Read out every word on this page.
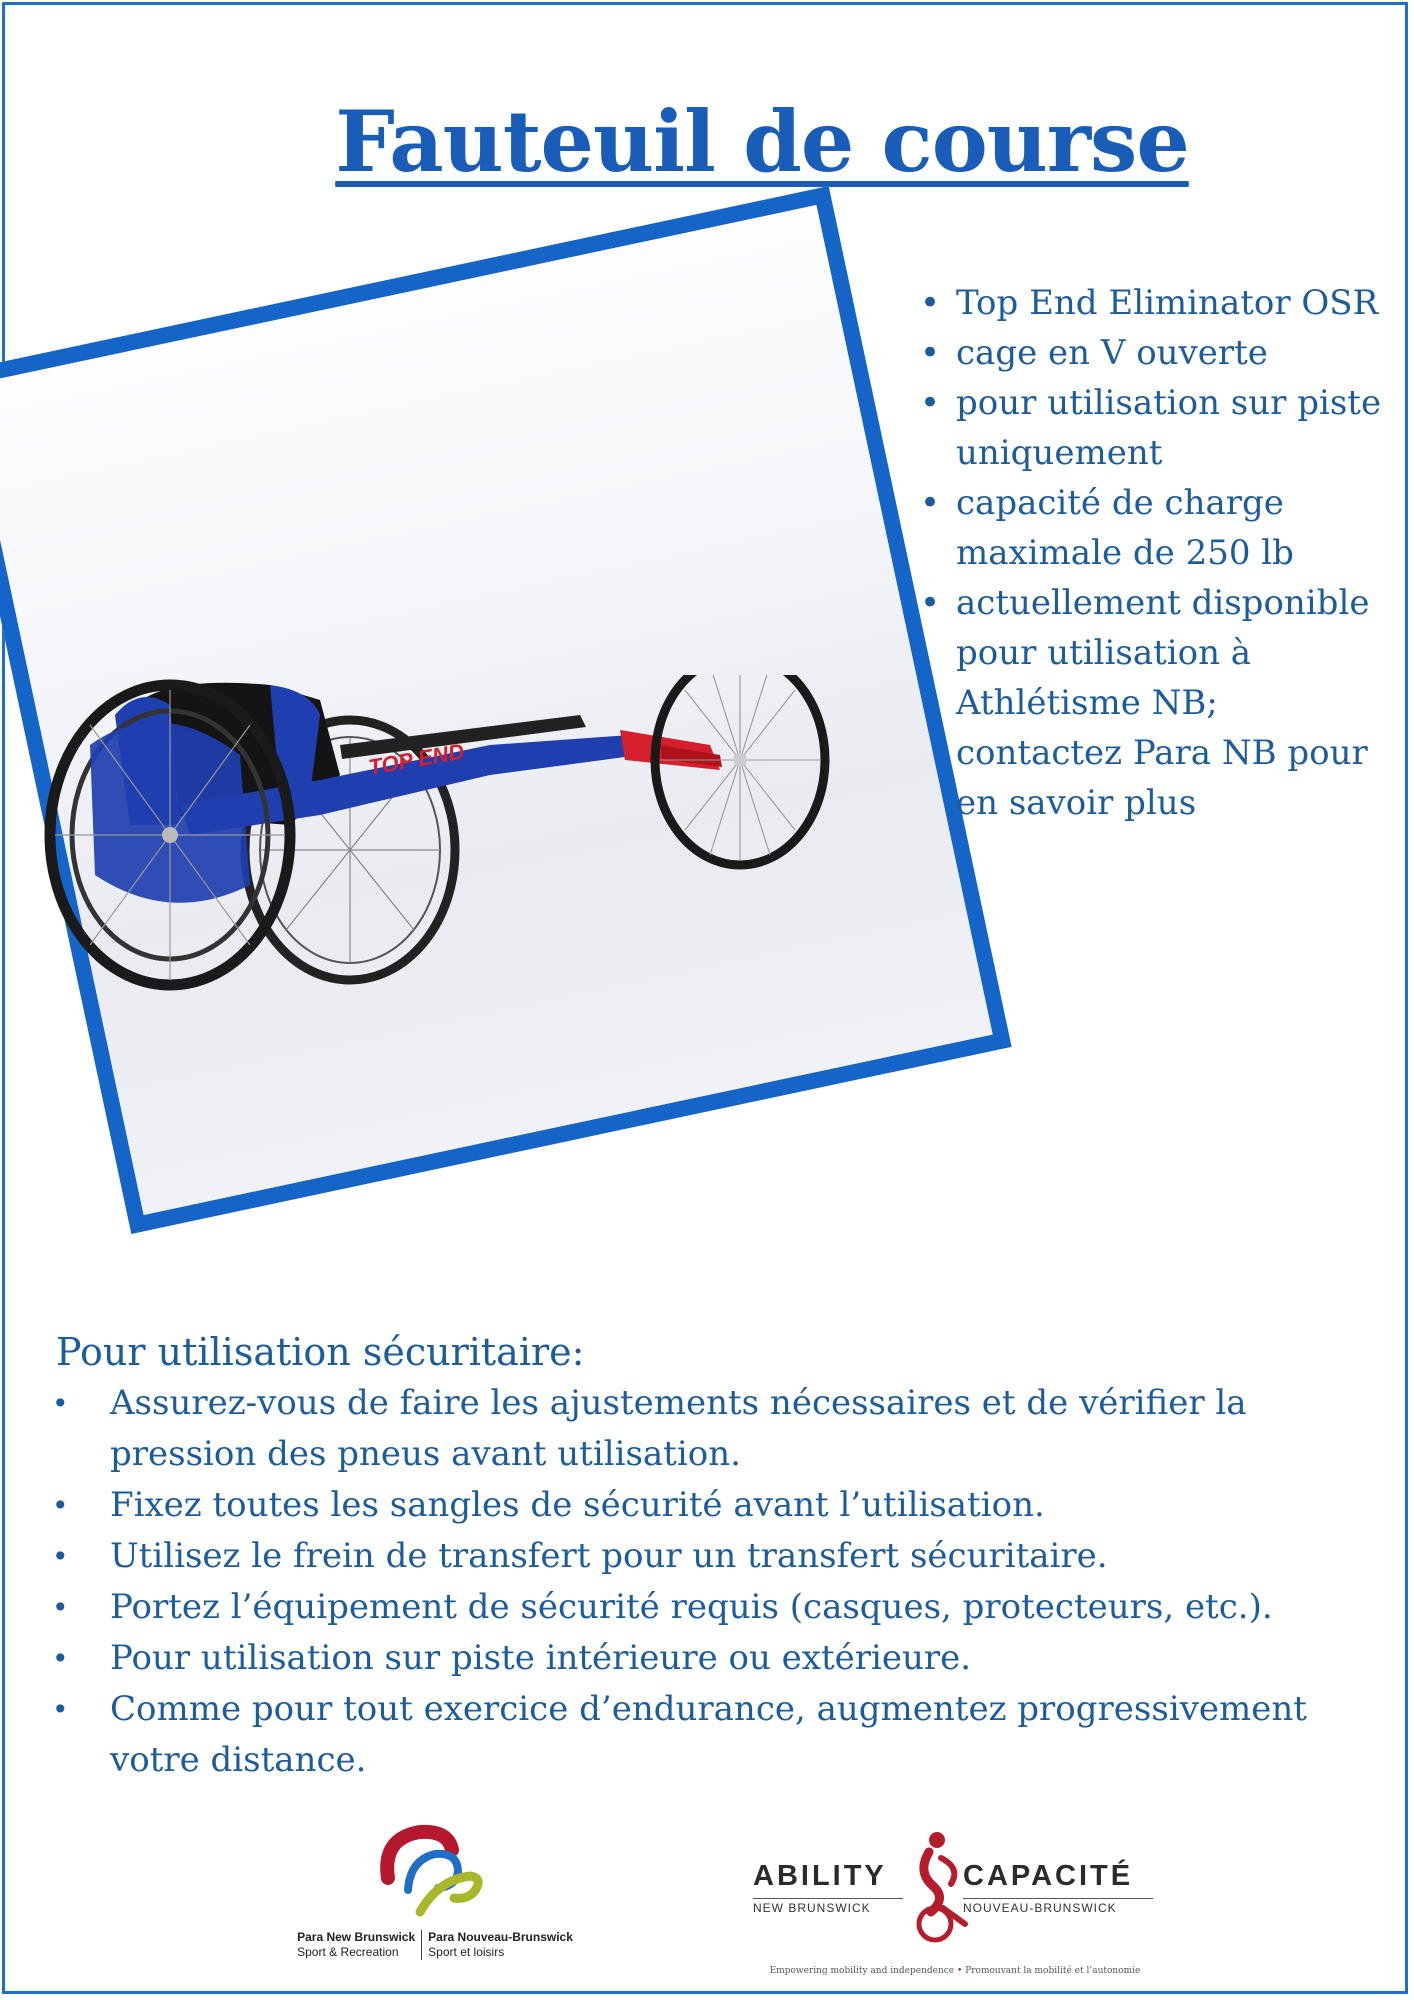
Fauteuil de course
TOP END
• Top End Eliminator OSR
• cage en V ouverte
• pour utilisation sur piste uniquement
• capacité de charge maximale de 250 lb
• actuellement disponible pour utilisation à Athlétisme NB; contactez Para NB pour en savoir plus
Pour utilisation sécuritaire:
• Assurez-vous de faire les ajustements nécessaires et de vérifier la pression des pneus avant utilisation.
• Fixez toutes les sangles de sécurité avant l’utilisation.
• Utilisez le frein de transfert pour un transfert sécuritaire.
• Portez l’équipement de sécurité requis (casques, protecteurs, etc.).
• Pour utilisation sur piste intérieure ou extérieure.
• Comme pour tout exercice d’endurance, augmentez progressivement votre distance.
Para New Brunswick
Sport & Recreation
Para Nouveau-Brunswick
Sport et loisirs
ABILITY
NEW BRUNSWICK
CAPACITÉ
NOUVEAU-BRUNSWICK
Empowering mobility and independence • Promouvant la mobilité et l’autonomie
